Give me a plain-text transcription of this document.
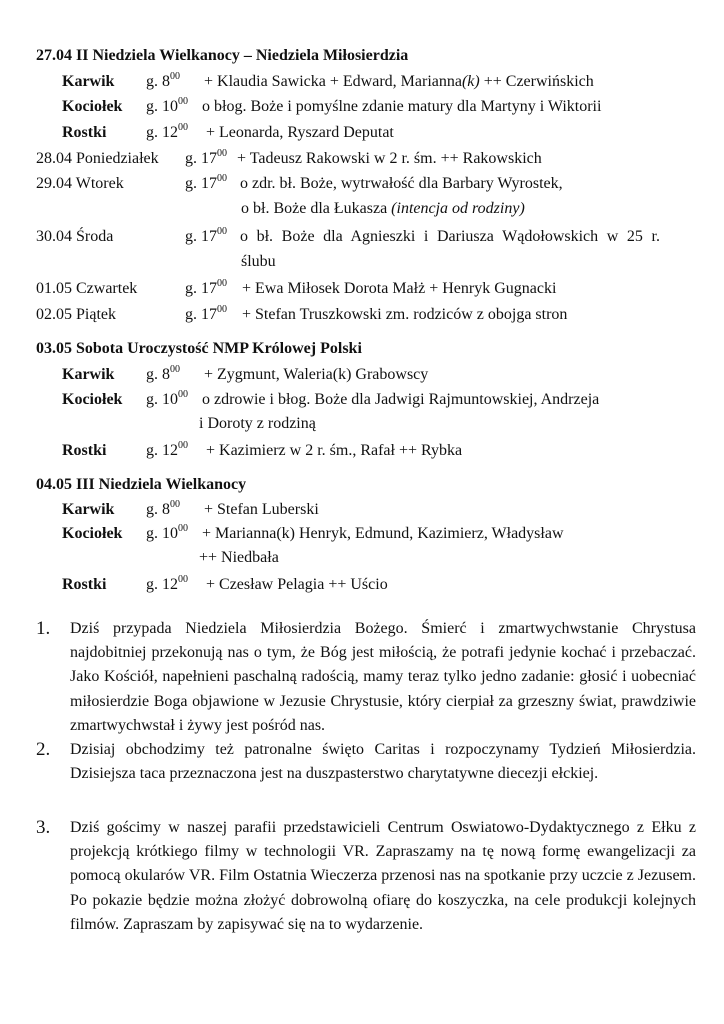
27.04 II Niedziela Wielkanocy – Niedziela Miłosierdzia
Karwik g. $8^{00}$ + Klaudia Sawicka + Edward, Marianna(k) ++ Czerwińskich
Kociołek g. $10^{00}$ o błog. Boże i pomyślne zdanie matury dla Martyny i Wiktorii
Rostki g. $12^{00}$ + Leonarda, Ryszard Deputat
28.04 Poniedziałek g. $17^{00}$ + Tadeusz Rakowski w 2 r. śm. ++ Rakowskich
29.04 Wtorek	g. $17^{00}$ o zdr. bł. Boże, wytrwałość dla Barbary Wyrostek,
o bł. Boże dla Łukasza (intencja od rodziny)
30.04 Środa	g. $17^{00}$ o bł. Boże dla Agnieszki i Dariusza Wądołowskich w 25 r.
ślubu
01.05 Czwartek	g. $17^{00}$ + Ewa Miłosek Dorota Małż + Henryk Gugnacki
02.05 Piątek	g. $17^{00}$ + Stefan Truszkowski zm. rodziców z obojga stron
03.05 Sobota Uroczystość NMP Królowej Polski
Karwik g. $8^{00}$ + Zygmunt, Waleria(k) Grabowscy
Kociołek g. $10^{00}$ o zdrowie i błog. Boże dla Jadwigi Rajmuntowskiej, Andrzeja
i Doroty z rodziną
Rostki g. $12^{00}$ + Kazimierz w 2 r. śm., Rafał ++ Rybka
04.05 III Niedziela Wielkanocy
Karwik g. $8^{00}$ + Stefan Luberski
Kociołek g. $10^{00}$ + Marianna(k) Henryk, Edmund, Kazimierz, Władysław
++ Niedbała
Rostki g. $12^{00}$ + Czesław Pelagia ++ Uścio
1. Dziś przypada Niedziela Miłosierdzia Bożego. Śmierć i zmartwychwstanie Chrystusa najdobitniej przekonują nas o tym, że Bóg jest miłością, że potrafi jedynie kochać i przebaczać. Jako Kościół, napełnieni paschalną radością, mamy teraz tylko jedno zadanie: głosić i uobecniać miłosierdzie Boga objawione w Jezusie Chrystusie, który cierpiał za grzeszny świat, prawdziwie zmartwychwstał i żywy jest pośród nas.

2. Dzisiaj obchodzimy też patronalne święto Caritas i rozpoczynamy Tydzień Miłosierdzia. Dzisiejsza taca przeznaczona jest na duszpasterstwo charytatywne diecezji ełckiej.

3. Dziś gościmy w naszej parafii przedstawicieli Centrum Oswiatowo-Dydaktycznego z Ełku z projekcją krótkiego filmy w technologii VR. Zapraszamy na tę nową formę ewangelizacji za pomocą okularów VR. Film Ostatnia Wieczerza przenosi nas na spotkanie przy uczcie z Jezusem. Po pokazie będzie można złożyć dobrowolną ofiarę do koszyczka, na cele produkcji kolejnych filmów. Zapraszam by zapisywać się na to wydarzenie.
